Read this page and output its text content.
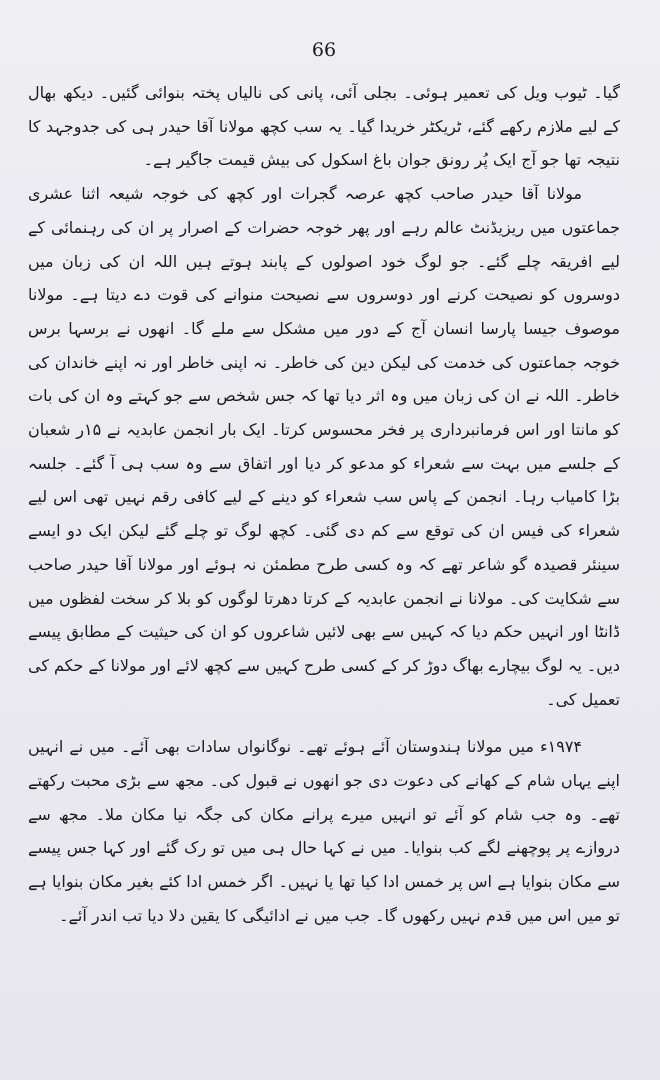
66

گیا۔ ٹیوب ویل کی تعمیر ہوئی۔ بجلی آئی، پانی کی نالیاں پختہ بنوائی گئیں۔ دیکھ بھال کے لیے ملازم رکھے گئے، ٹریکٹر خریدا گیا۔ یہ سب کچھ مولانا آقا حیدر ہی کی جدوجہد کا نتیجہ تھا جو آج ایک پُر رونق جوان باغ اسکول کی بیش قیمت جاگیر ہے۔

مولانا آقا حیدر صاحب کچھ عرصہ گجرات اور کچھ کی خوجہ شیعہ اثنا عشری جماعتوں میں ریزیڈنٹ عالم رہے اور پھر خوجہ حضرات کے اصرار پر ان کی رہنمائی کے لیے افریقہ چلے گئے۔ جو لوگ خود اصولوں کے پابند ہوتے ہیں اللہ ان کی زبان میں دوسروں کو نصیحت کرنے اور دوسروں سے نصیحت منوانے کی قوت دے دیتا ہے۔ مولانا موصوف جیسا پارسا انسان آج کے دور میں مشکل سے ملے گا۔ انھوں نے برسہا برس خوجہ جماعتوں کی خدمت کی لیکن دین کی خاطر۔ نہ اپنی خاطر اور نہ اپنے خاندان کی خاطر۔ اللہ نے ان کی زبان میں وہ اثر دیا تھا کہ جس شخص سے جو کہتے وہ ان کی بات کو مانتا اور اس فرمانبرداری پر فخر محسوس کرتا۔ ایک بار انجمن عابدیہ نے ۱۵ر شعبان کے جلسے میں بہت سے شعراء کو مدعو کر دیا اور اتفاق سے وہ سب ہی آ گئے۔ جلسہ بڑا کامیاب رہا۔ انجمن کے پاس سب شعراء کو دینے کے لیے کافی رقم نہیں تھی اس لیے شعراء کی فیس ان کی توقع سے کم دی گئی۔ کچھ لوگ تو چلے گئے لیکن ایک دو ایسے سینئر قصیدہ گو شاعر تھے کہ وہ کسی طرح مطمئن نہ ہوئے اور مولانا آقا حیدر صاحب سے شکایت کی۔ مولانا نے انجمن عابدیہ کے کرتا دھرتا لوگوں کو بلا کر سخت لفظوں میں ڈانٹا اور انہیں حکم دیا کہ کہیں سے بھی لائیں شاعروں کو ان کی حیثیت کے مطابق پیسے دیں۔ یہ لوگ بیچارے بھاگ دوڑ کر کے کسی طرح کہیں سے کچھ لائے اور مولانا کے حکم کی تعمیل کی۔

۱۹۷۴ء میں مولانا ہندوستان آئے ہوئے تھے۔ نوگانواں سادات بھی آئے۔ میں نے انہیں اپنے یہاں شام کے کھانے کی دعوت دی جو انھوں نے قبول کی۔ مجھ سے بڑی محبت رکھتے تھے۔ وہ جب شام کو آئے تو انہیں میرے پرانے مکان کی جگہ نیا مکان ملا۔ مجھ سے دروازے پر پوچھنے لگے کب بنوایا۔ میں نے کہا حال ہی میں تو رک گئے اور کہا جس پیسے سے مکان بنوایا ہے اس پر خمس ادا کیا تھا یا نہیں۔ اگر خمس ادا کئے بغیر مکان بنوایا ہے تو میں اس میں قدم نہیں رکھوں گا۔ جب میں نے ادائیگی کا یقین دلا دیا تب اندر آئے۔
